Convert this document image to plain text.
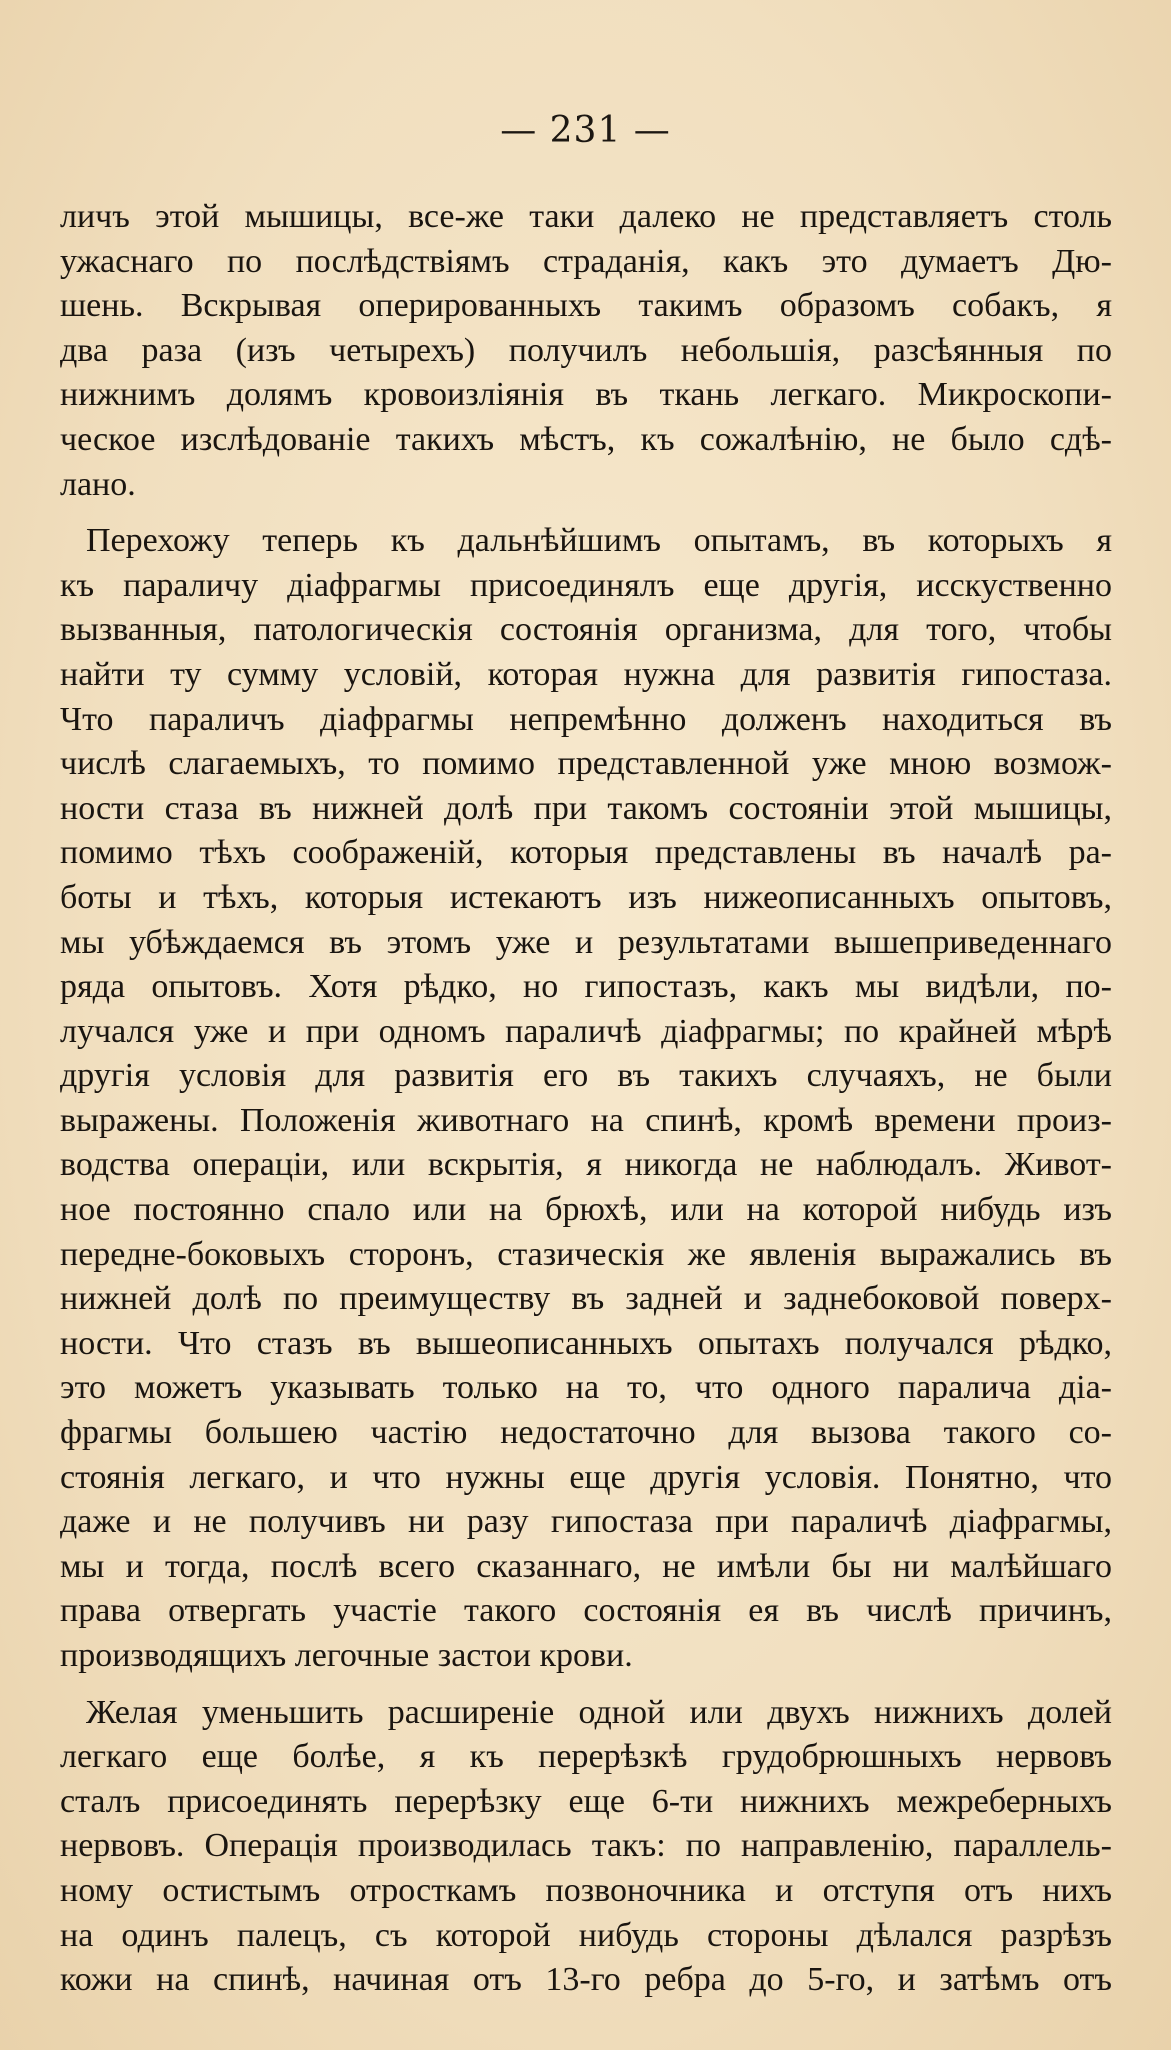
— 231 —
личъ этой мышицы, все-же таки далеко не представляетъ столь
ужаснаго по послѣдствіямъ страданія, какъ это думаетъ Дю-
шень. Вскрывая оперированныхъ такимъ образомъ собакъ, я
два раза (изъ четырехъ) получилъ небольшія, разсѣянныя по
нижнимъ долямъ кровоизліянія въ ткань легкаго. Микроскопи-
ческое изслѣдованіе такихъ мѣстъ, къ сожалѣнію, не было сдѣ-
лано.
Перехожу теперь къ дальнѣйшимъ опытамъ, въ которыхъ я
къ параличу діафрагмы присоединялъ еще другія, исскуственно
вызванныя, патологическія состоянія организма, для того, чтобы
найти ту сумму условій, которая нужна для развитія гипостаза.
Что параличъ діафрагмы непремѣнно долженъ находиться въ
числѣ слагаемыхъ, то помимо представленной уже мною возмож-
ности стаза въ нижней долѣ при такомъ состояніи этой мышицы,
помимо тѣхъ соображеній, которыя представлены въ началѣ ра-
боты и тѣхъ, которыя истекаютъ изъ нижеописанныхъ опытовъ,
мы убѣждаемся въ этомъ уже и результатами вышеприведеннаго
ряда опытовъ. Хотя рѣдко, но гипостазъ, какъ мы видѣли, по-
лучался уже и при одномъ параличѣ діафрагмы; по крайней мѣрѣ
другія условія для развитія его въ такихъ случаяхъ, не были
выражены. Положенія животнаго на спинѣ, кромѣ времени произ-
водства операціи, или вскрытія, я никогда не наблюдалъ. Живот-
ное постоянно спало или на брюхѣ, или на которой нибудь изъ
передне-боковыхъ сторонъ, стазическія же явленія выражались въ
нижней долѣ по преимуществу въ задней и заднебоковой поверх-
ности. Что стазъ въ вышеописанныхъ опытахъ получался рѣдко,
это можетъ указывать только на то, что одного паралича діа-
фрагмы большею частію недостаточно для вызова такого со-
стоянія легкаго, и что нужны еще другія условія. Понятно, что
даже и не получивъ ни разу гипостаза при параличѣ діафрагмы,
мы и тогда, послѣ всего сказаннаго, не имѣли бы ни малѣйшаго
права отвергать участіе такого состоянія ея въ числѣ причинъ,
производящихъ легочные застои крови.
Желая уменьшить расширеніе одной или двухъ нижнихъ долей
легкаго еще болѣе, я къ перерѣзкѣ грудобрюшныхъ нервовъ
сталъ присоединять перерѣзку еще 6-ти нижнихъ межреберныхъ
нервовъ. Операція производилась такъ: по направленію, параллель-
ному остистымъ отросткамъ позвоночника и отступя отъ нихъ
на одинъ палецъ, съ которой нибудь стороны дѣлался разрѣзъ
кожи на спинѣ, начиная отъ 13-го ребра до 5-го, и затѣмъ отъ
